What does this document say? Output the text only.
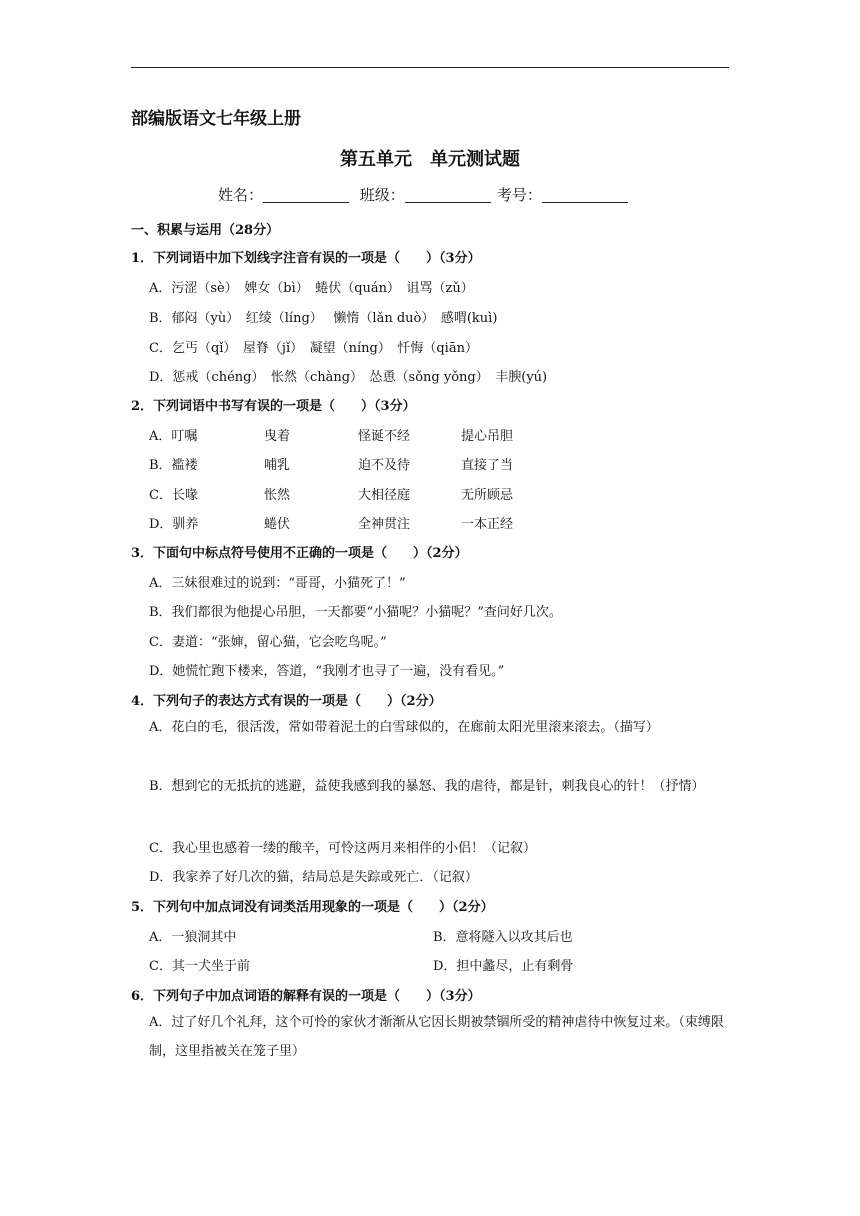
部编版语文七年级上册
第五单元　单元测试题
姓名：	班级：	考号：
一、积累与运用（28分）
1．下列词语中加下划线字注音有误的一项是（　　）（3分）
A．污涩（sè）　婢女（bì）　蜷伏（quán）　诅骂（zǔ）
B．郁闷（yù）　红绫（líng）　 懒惰（lǎn duò）　感喟(kuì)
C．乞丐（qǐ）　屋脊（jǐ）　凝望（níng）　忏悔（qiān）
D．惩戒（chéng）　怅然（chàng）　怂恿（sǒng yǒng）　丰腴(yú)
2．下列词语中书写有误的一项是（　　）（3分）
A．叮嘱	曳着	怪诞不经	提心吊胆
B．褴褛	哺乳	迫不及待	直接了当
C．长喙	怅然	大相径庭	无所顾忌
D．驯养	蜷伏	全神贯注	一本正经
3．下面句中标点符号使用不正确的一项是（　　）（2分）
A．三妹很难过的说到：“哥哥，小猫死了！”
B．我们都很为他提心吊胆，一天都要“小猫呢？小猫呢？”查问好几次。
C．妻道：“张婶，留心猫，它会吃鸟呢。”
D．她慌忙跑下楼来，答道，“我刚才也寻了一遍，没有看见。”
4．下列句子的表达方式有误的一项是（　　）（2分）
A．花白的毛，很活泼，常如带着泥土的白雪球似的，在廊前太阳光里滚来滚去。（描写）
B．想到它的无抵抗的逃避，益使我感到我的暴怒、我的虐待，都是针，刺我良心的针！（抒情）
C．我心里也感着一缕的酸辛，可怜这两月来相伴的小侣！（记叙）
D．我家养了好几次的猫，结局总是失踪或死亡．（记叙）
5．下列句中加点词没有词类活用现象的一项是（　　）（2分）
A．一狼洞其中	B．意将隧入以攻其后也
C．其一犬坐于前	D．担中蠡尽，止有剩骨
6．下列句子中加点词语的解释有误的一项是（　　）（3分）
A．过了好几个礼拜，这个可怜的家伙才渐渐从它因长期被禁锢所受的精神虐待中恢复过来。（束缚限制，这里指被关在笼子里）
